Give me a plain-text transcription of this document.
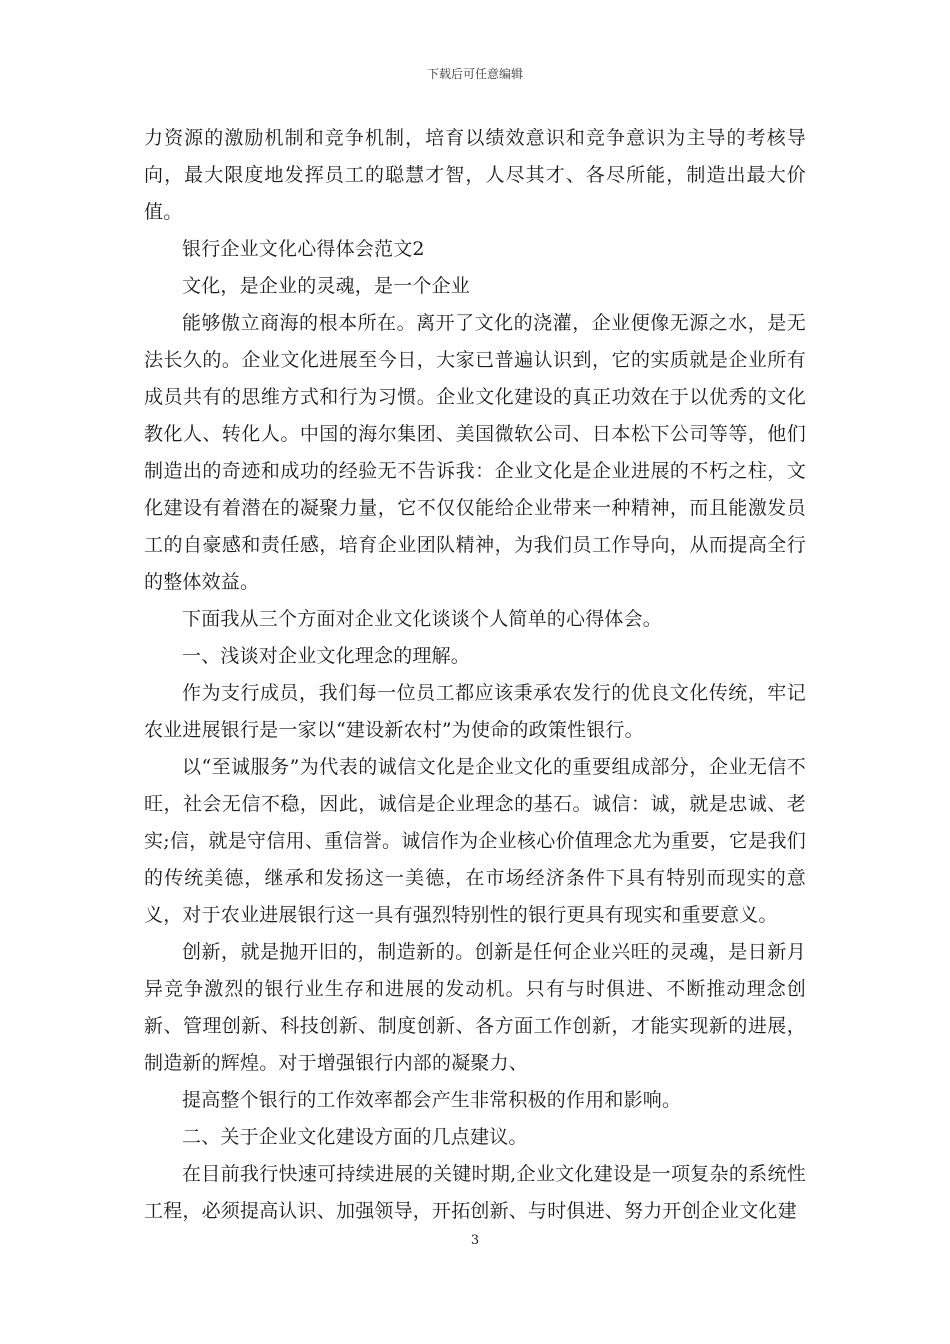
下载后可任意编辑

力资源的激励机制和竞争机制，培育以绩效意识和竞争意识为主导的考核导向，最大限度地发挥员工的聪慧才智，人尽其才、各尽所能，制造出最大价值。

银行企业文化心得体会范文2

文化，是企业的灵魂，是一个企业

能够傲立商海的根本所在。离开了文化的浇灌，企业便像无源之水，是无法长久的。企业文化进展至今日，大家已普遍认识到，它的实质就是企业所有成员共有的思维方式和行为习惯。企业文化建设的真正功效在于以优秀的文化教化人、转化人。中国的海尔集团、美国微软公司、日本松下公司等等，他们制造出的奇迹和成功的经验无不告诉我：企业文化是企业进展的不朽之柱，文化建设有着潜在的凝聚力量，它不仅仅能给企业带来一种精神，而且能激发员工的自豪感和责任感，培育企业团队精神，为我们员工作导向，从而提高全行的整体效益。

下面我从三个方面对企业文化谈谈个人简单的心得体会。

一、浅谈对企业文化理念的理解。

作为支行成员，我们每一位员工都应该秉承农发行的优良文化传统，牢记农业进展银行是一家以“建设新农村”为使命的政策性银行。

以“至诚服务”为代表的诚信文化是企业文化的重要组成部分，企业无信不旺，社会无信不稳，因此，诚信是企业理念的基石。诚信：诚，就是忠诚、老实;信，就是守信用、重信誉。诚信作为企业核心价值理念尤为重要，它是我们的传统美德，继承和发扬这一美德，在市场经济条件下具有特别而现实的意义，对于农业进展银行这一具有强烈特别性的银行更具有现实和重要意义。

创新，就是抛开旧的，制造新的。创新是任何企业兴旺的灵魂，是日新月异竞争激烈的银行业生存和进展的发动机。只有与时俱进、不断推动理念创新、管理创新、科技创新、制度创新、各方面工作创新，才能实现新的进展，制造新的辉煌。对于增强银行内部的凝聚力、

提高整个银行的工作效率都会产生非常积极的作用和影响。

二、关于企业文化建设方面的几点建议。

在目前我行快速可持续进展的关键时期,企业文化建设是一项复杂的系统性工程，必须提高认识、加强领导，开拓创新、与时俱进、努力开创企业文化建

3
